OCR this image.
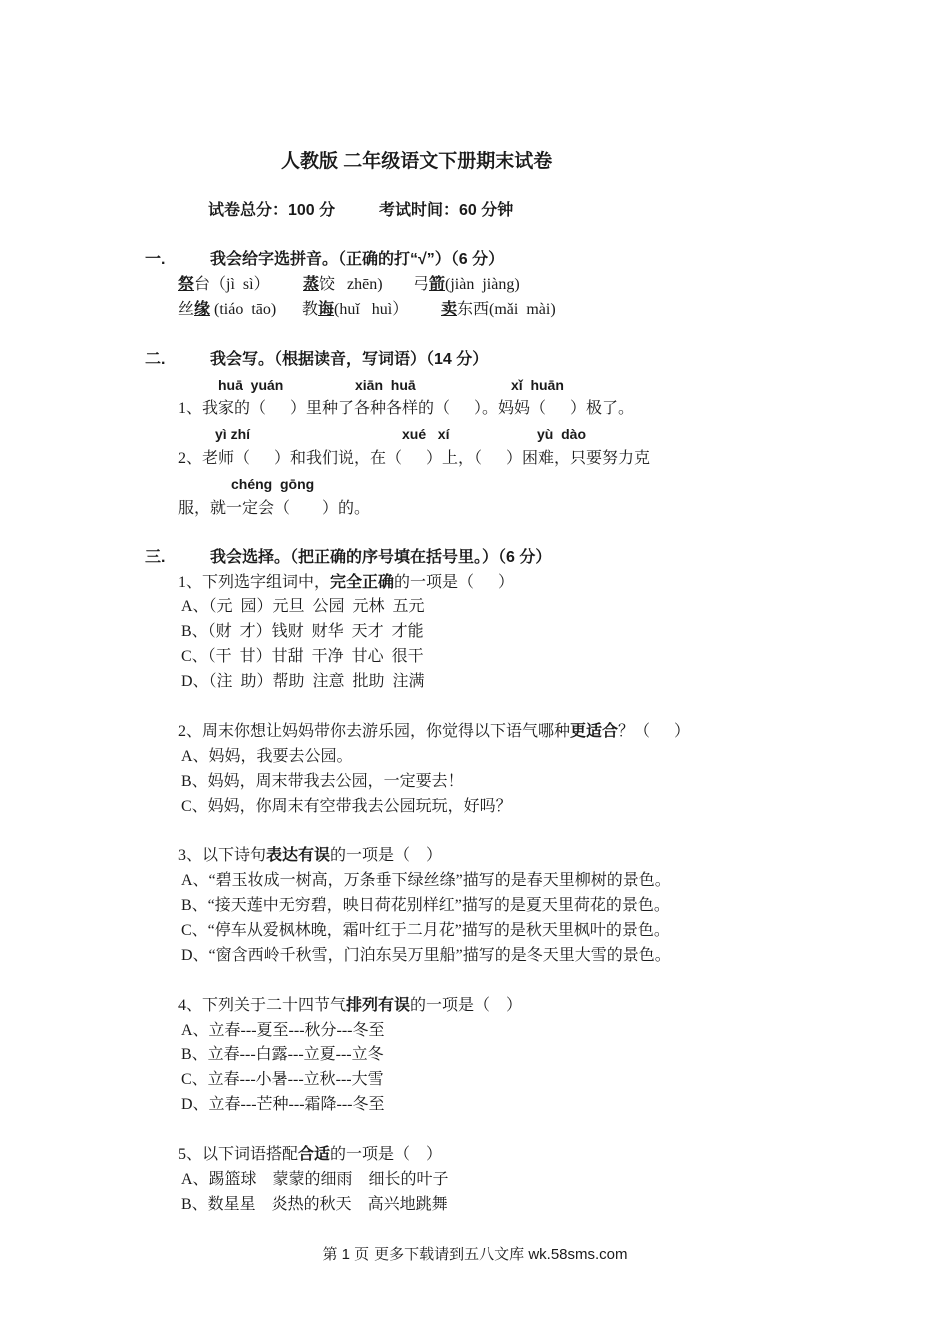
人教版 二年级语文下册期末试卷
试卷总分：100 分	考试时间：60 分钟
一.	我会给字选拼音。（正确的打“√”）（6 分）
祭 台（jì  sì） 蒸 饺   zhēn) 弓 箭 (jiàn  jiàng)
丝 缘 (tiáo  tāo) 教 诲 (huǐ   huì） 卖 东西(mǎi  mài)
二.	我会写。（根据读音，写词语）（14 分）
huā  yuán	xiān  huā	xǐ  huān
1、我家的（      ）里种了各种各样的（      ）。妈妈（      ）极了。
yì zhí	xué   xí	yù  dào
2、老师（      ）和我们说，在（      ）上，（      ）困难，只要努力克
chéng  gōng
服，就一定会（        ）的。
三.	我会选择。（把正确的序号填在括号里。）（6 分）
1、下列选字组词中， 完全正确 的一项是（      ）
A、（元  园）元旦  公园  元林  五元
B、（财  才）钱财  财华  天才  才能
C、（干  甘）甘甜  干净  甘心  很干
D、（注  助）帮助  注意  批助  注满
2、周末你想让妈妈带你去游乐园，你觉得以下语气哪种 更适合 ？（      ）
A、妈妈，我要去公园。
B、妈妈，周末带我去公园，一定要去！
C、妈妈，你周末有空带我去公园玩玩，好吗？
3、以下诗句 表达有误 的一项是（    ）
A、“碧玉妆成一树高，万条垂下绿丝绦”描写的是春天里柳树的景色。
B、“接天莲中无穷碧，映日荷花别样红”描写的是夏天里荷花的景色。
C、“停车从爱枫林晚，霜叶红于二月花”描写的是秋天里枫叶的景色。
D、“窗含西岭千秋雪，门泊东吴万里船”描写的是冬天里大雪的景色。
4、下列关于二十四节气 排列有误 的一项是（    ）
A、立春---夏至---秋分---冬至
B、立春---白露---立夏---立冬
C、立春---小暑---立秋---大雪
D、立春---芒种---霜降---冬至
5、以下词语搭配 合适 的一项是（    ）
A、踢篮球    蒙蒙的细雨    细长的叶子
B、数星星    炎热的秋天    高兴地跳舞
第 1 页 更多下载请到五八文库 wk.58sms.com
